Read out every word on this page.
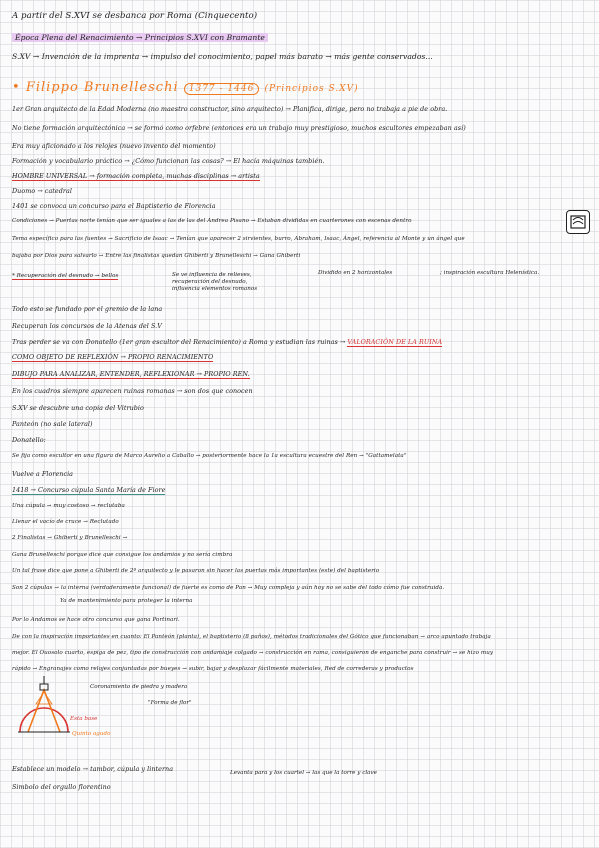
A partir del S.XVI se desbanca por Roma (Cinquecento)
Época Plena del Renacimiento → Principios S.XVI con Bramante
S.XV → Invención de la imprenta → impulso del conocimiento, papel más barato → más gente conservados...
• Filippo Brunelleschi 1377 - 1446 (Principios S.XV)
1er Gran arquitecto de la Edad Moderna (no maestro constructor, sino arquitecto) → Planifica, dirige, pero no trabaja a pie de obra.
No tiene formación arquitectónica → se formó como orfebre (entonces era un trabajo muy prestigioso, muchos escultores empezaban así)
Era muy aficionado a los relojes (nuevo invento del momento)
Formación y vocabulario práctico → ¿Cómo funcionan las cosas? → El hacía máquinas también.
HOMBRE UNIVERSAL → formación completa, muchas disciplinas → artista
Duomo → catedral
1401 se convoca un concurso para el Baptisterio de Florencia
Condiciones → Puertas norte tenían que ser iguales a las de las del Andrea Pisano → Estaban divididas en cuarterones con escenas dentro
Tema específico para las fuentes → Sacrificio de Isaac → Tenían que aparecer 2 sirvientes, burro, Abraham, Isaac, Ángel, referencia al Monte y un ángel que
bajaba por Dios para salvarlo → Entre las finalistas quedan Ghiberti y Brunelleschi → Gana Ghiberti
* Recuperación del desnudo → bellos	Se ve influencia de relieves, recuperación del desnudo, influencia elementos romanos
Dividido en 2 horizontales	; inspiración escultura Helenística.
Todo esto se fundado por el gremio de la lana
Recuperan los concursos de la Atenas del S.V
Tras perder se va con Donatello (1er gran escultor del Renacimiento) a Roma y estudian las ruinas → VALORACIÓN DE LA RUINA
COMO OBJETO DE REFLEXIÓN → PROPIO RENACIMIENTO
DIBUJO PARA ANALIZAR, ENTENDER, REFLEXIONAR → PROPIO REN.
En los cuadros siempre aparecen ruinas romanas → son dos que conocen
S.XV se descubre una copia del Vitrubio
Panteón (no sale lateral)
Donatello:
Se fija como escultor en una figura de Marco Aurelio a Caballo → posteriormente hace la 1a escultura ecuestre del Ren → "Gattamelata"
Vuelve a Florencia
1418 → Concurso cúpula Santa María de Fiore
Una cúpula → muy costoso → reclutaba
Llenar el vacío de cruce → Reclutado
2 Finalistas → Ghiberti y Brunelleschi →
Gana Brunelleschi porque dice que consigue los andamios y no sería cimbra
Un tal frase dice que pone a Ghiberti de 2º arquitecto y le pasaron sin hacer las puertas más importantes (este) del baptisterio
Son 2 cúpulas → la interna (verdaderamente funcional) de fuerte es como de Pan → Muy compleja y aún hoy no se sabe del todo cómo fue construida.
Ya de mantenimiento para proteger la interna
Por lo Andamos se hace otro concurso que gana Portinari.
De con la inspiración importantes en cuanto: El Panteón (planta), el baptisterio (8 paños), métodos tradicionales del Gótico que funcionaban → arco apuntado trabaja
mejor. El Ouosolo cuarto, espiga de pez, tipo de construcción con andamiaje colgado → construcción en rama, consiguieron de enganche para construir → se hizo muy
rápido → Engranajes como relojes conjuntadas por bueyes → subir, bajar y desplazar fácilmente materiales, Red de correderas y productos
Coronamiento de piedra y madera
"Forma de flor"
Esta base
Quinto agudo
Establece un modelo → tambor, cúpula y linterna	Levanta para y los cuartel → las que la torre y clave
Simbolo del orgullo florentino
